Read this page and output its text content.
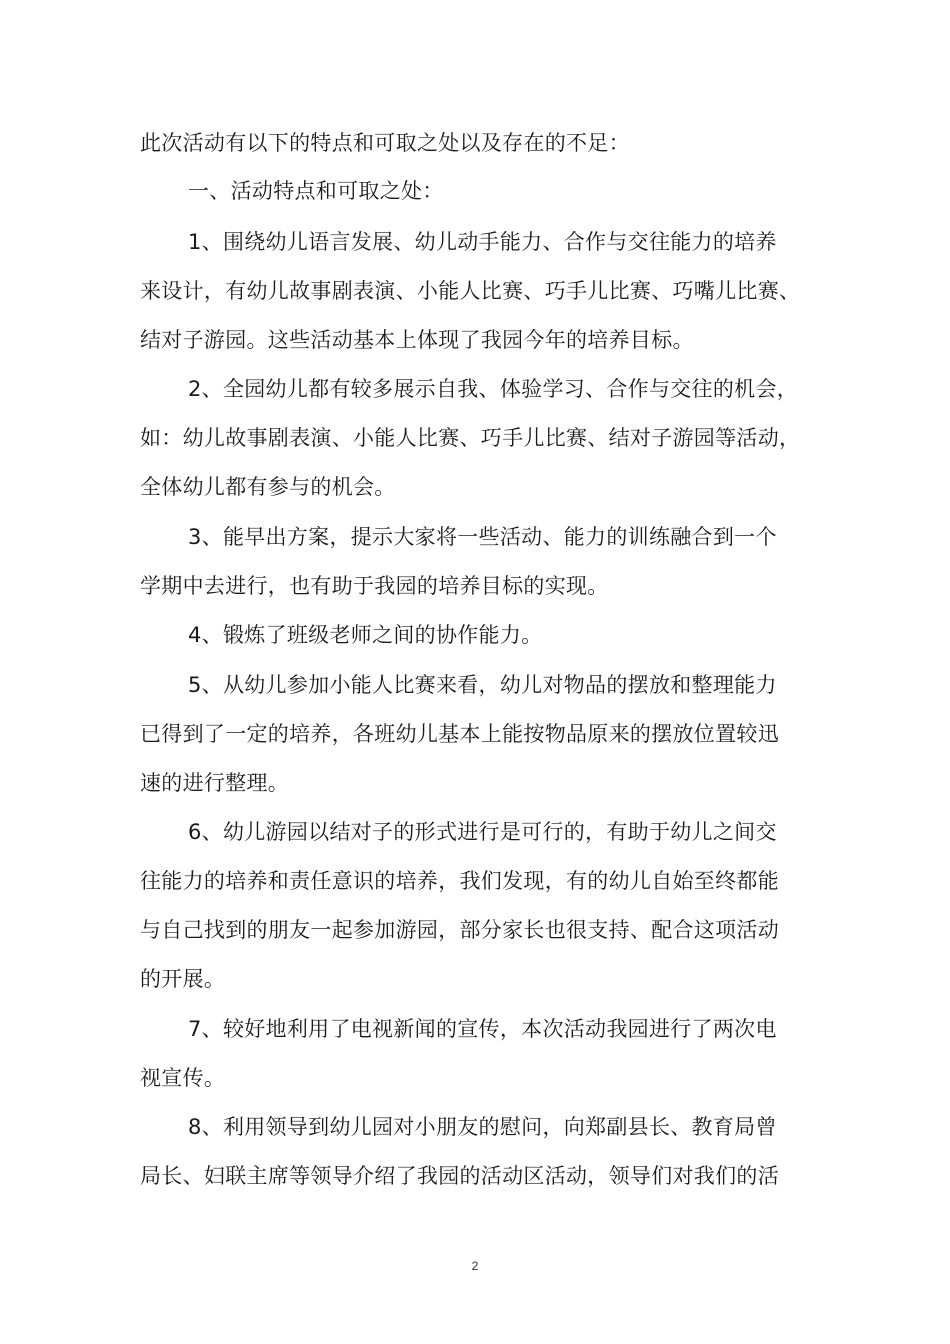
此次活动有以下的特点和可取之处以及存在的不足：
一、活动特点和可取之处：
1、围绕幼儿语言发展、幼儿动手能力、合作与交往能力的培养
来设计，有幼儿故事剧表演、小能人比赛、巧手儿比赛、巧嘴儿比赛、
结对子游园。这些活动基本上体现了我园今年的培养目标。
2、全园幼儿都有较多展示自我、体验学习、合作与交往的机会，
如：幼儿故事剧表演、小能人比赛、巧手儿比赛、结对子游园等活动，
全体幼儿都有参与的机会。
3、能早出方案，提示大家将一些活动、能力的训练融合到一个
学期中去进行，也有助于我园的培养目标的实现。
4、锻炼了班级老师之间的协作能力。
5、从幼儿参加小能人比赛来看，幼儿对物品的摆放和整理能力
已得到了一定的培养，各班幼儿基本上能按物品原来的摆放位置较迅
速的进行整理。
6、幼儿游园以结对子的形式进行是可行的，有助于幼儿之间交
往能力的培养和责任意识的培养，我们发现，有的幼儿自始至终都能
与自己找到的朋友一起参加游园，部分家长也很支持、配合这项活动
的开展。
7、较好地利用了电视新闻的宣传，本次活动我园进行了两次电
视宣传。
8、利用领导到幼儿园对小朋友的慰问，向郑副县长、教育局曾
局长、妇联主席等领导介绍了我园的活动区活动，领导们对我们的活
2
